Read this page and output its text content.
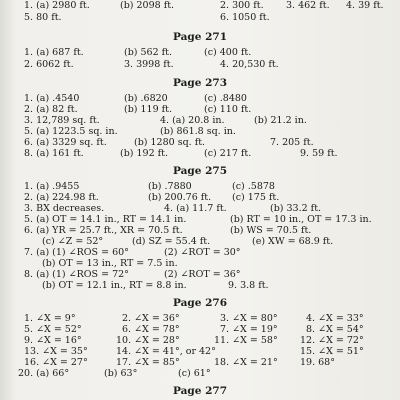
1. (a) 2980 ft.	(b) 2098 ft.	2. 300 ft. 3. 462 ft. 4. 39 ft.
5. 80 ft.	6. 1050 ft.
Page 271
1. (a) 687 ft.	(b) 562 ft.	(c) 400 ft.
2. 6062 ft.	3. 3998 ft.	4. 20,530 ft.
Page 273
1. (a) .4540	(b) .6820	(c) .8480
2. (a) 82 ft.	(b) 119 ft.	(c) 110 ft.
3. 12,789 sq. ft.	4. (a) 20.8 in.	(b) 21.2 in.
5. (a) 1223.5 sq. in.	(b) 861.8 sq. in.
6. (a) 3329 sq. ft.	(b) 1280 sq. ft.	7. 205 ft.
8. (a) 161 ft.	(b) 192 ft.	(c) 217 ft.	9. 59 ft.
Page 275
1. (a) .9455	(b) .7880	(c) .5878
2. (a) 224.98 ft.	(b) 200.76 ft. (c) 175 ft.
3. BX decreases.	4. (a) 11.7 ft.	(b) 33.2 ft.
5. (a) OT = 14.1 in., RT = 14.1 in.	(b) RT = 10 in., OT = 17.3 in.
6. (a) YR = 25.7 ft., XR = 70.5 ft.	(b) WS = 70.5 ft.
(c) ∠Z = 52°	(d) SZ = 55.4 ft.	(e) XW = 68.9 ft.
7. (a) (1) ∠ROS = 60°	(2) ∠ROT = 30°
(b) OT = 13 in., RT = 7.5 in.
8. (a) (1) ∠ROS = 72°	(2) ∠ROT = 36°
(b) OT = 12.1 in., RT = 8.8 in.	9. 3.8 ft.
Page 276
1. ∠X = 9°	2. ∠X = 36°	3. ∠X = 80°	4. ∠X = 33°
5. ∠X = 52°	6. ∠X = 78°	7. ∠X = 19°	8. ∠X = 54°
9. ∠X = 16°	10. ∠X = 28°	11. ∠X = 58° 12. ∠X = 72°
13. ∠X = 35°	14. ∠X = 41°, or 42°	15. ∠X = 51°
16. ∠X = 27°	17. ∠X = 85°	18. ∠X = 21° 19. 68°
20. (a) 66°	(b) 63°	(c) 61°
Page 277
